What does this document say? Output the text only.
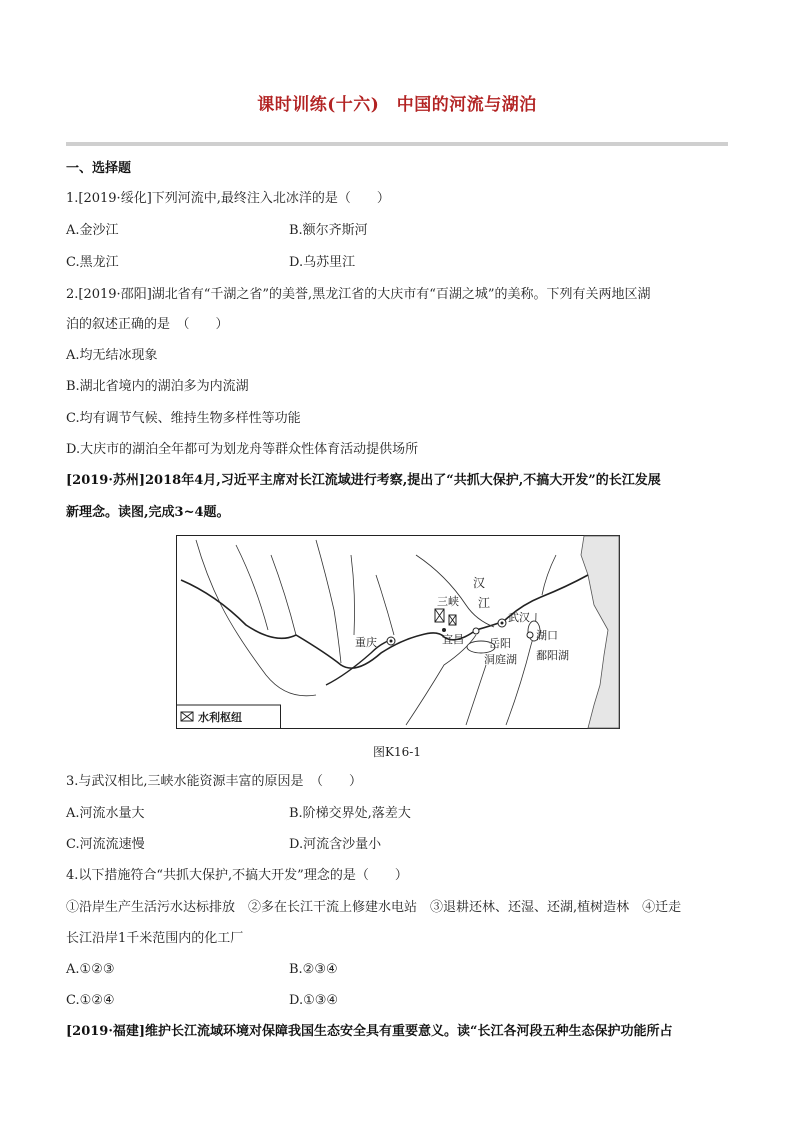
课时训练(十六)　中国的河流与湖泊
一、选择题
1.[2019·绥化]下列河流中,最终注入北冰洋的是（　　）
A.金沙江	B.额尔齐斯河
C.黑龙江	D.乌苏里江
2.[2019·邵阳]湖北省有“千湖之省”的美誉,黑龙江省的大庆市有“百湖之城”的美称。下列有关两地区湖
泊的叙述正确的是　（　　）
A.均无结冰现象
B.湖北省境内的湖泊多为内流湖
C.均有调节气候、维持生物多样性等功能
D.大庆市的湖泊全年都可为划龙舟等群众性体育活动提供场所
[2019·苏州]2018年4月,习近平主席对长江流域进行考察,提出了“共抓大保护,不搞大开发”的长江发展
新理念。读图,完成3~4题。
汉
江
三峡
武汉
重庆	宜昌 岳阳
洞庭湖
湖口
鄱阳湖
水利枢纽
图K16-1
3.与武汉相比,三峡水能资源丰富的原因是　（　　）
A.河流水量大	B.阶梯交界处,落差大
C.河流流速慢	D.河流含沙量小
4.以下措施符合“共抓大保护,不搞大开发”理念的是（　　）
①沿岸生产生活污水达标排放　②多在长江干流上修建水电站　③退耕还林、还湿、还湖,植树造林　④迁走
长江沿岸1千米范围内的化工厂
A.①②③	B.②③④
C.①②④	D.①③④
[2019·福建]维护长江流域环境对保障我国生态安全具有重要意义。读“长江各河段五种生态保护功能所占
